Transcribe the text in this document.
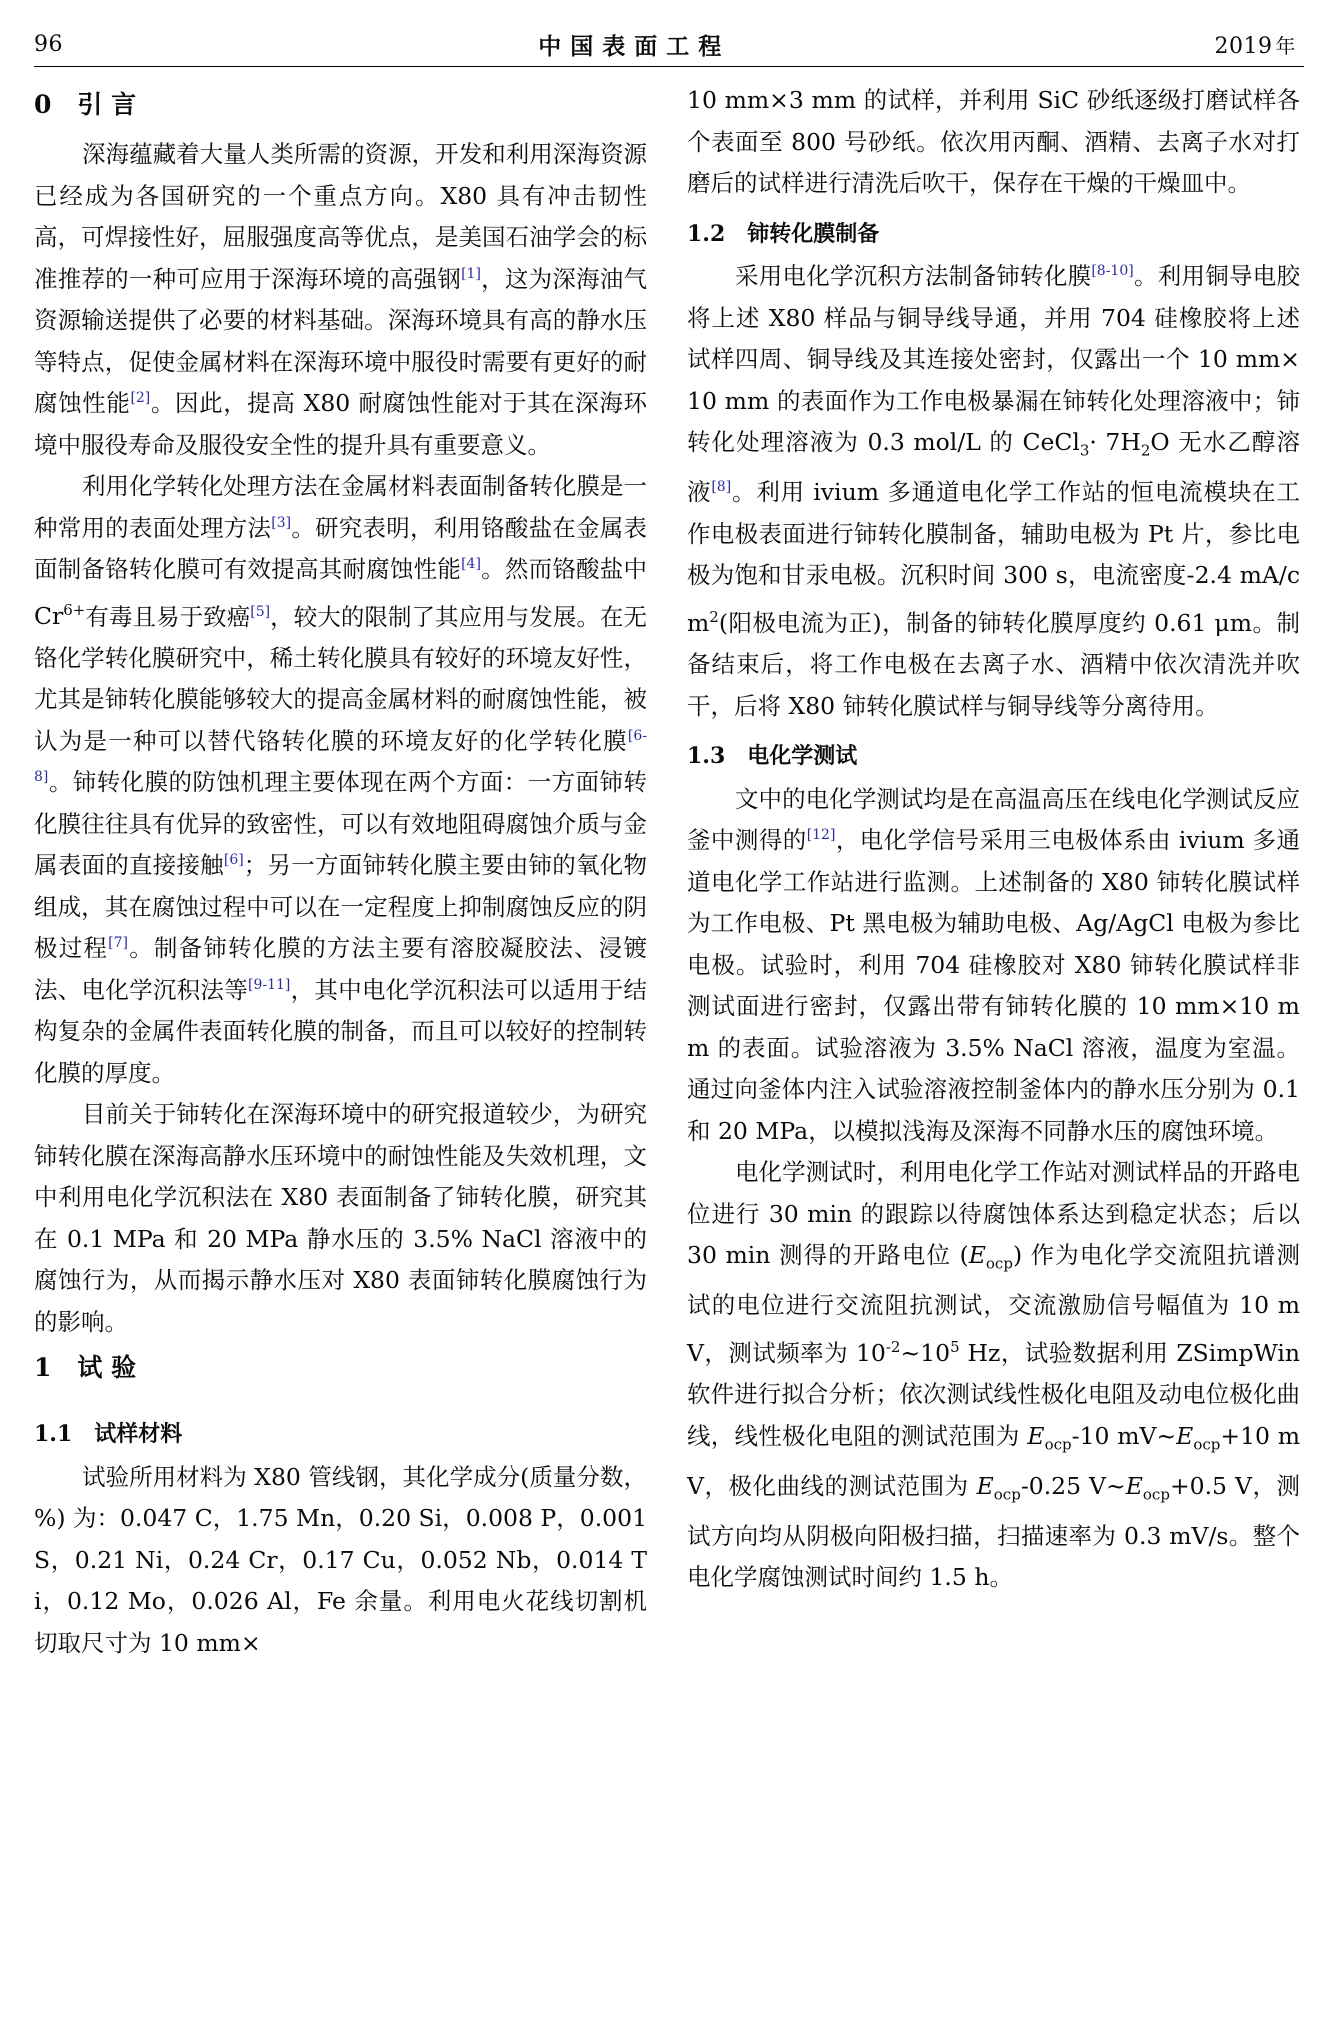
96	中国表面工程	2019 年
0 引 言

深海蕴藏着大量人类所需的资源，开发和利用深海资源已经成为各国研究的一个重点方向。X80 具有冲击韧性高，可焊接性好，屈服强度高等优点，是美国石油学会的标准推荐的一种可应用于深海环境的高强钢[1]，这为深海油气资源输送提供了必要的材料基础。深海环境具有高的静水压等特点，促使金属材料在深海环境中服役时需要有更好的耐腐蚀性能[2]。因此，提高 X80 耐腐蚀性能对于其在深海环境中服役寿命及服役安全性的提升具有重要意义。

利用化学转化处理方法在金属材料表面制备转化膜是一种常用的表面处理方法[3]。研究表明，利用铬酸盐在金属表面制备铬转化膜可有效提高其耐腐蚀性能[4]。然而铬酸盐中 $Cr^{6+}$有毒且易于致癌[5]，较大的限制了其应用与发展。在无铬化学转化膜研究中，稀土转化膜具有较好的环境友好性，尤其是铈转化膜能够较大的提高金属材料的耐腐蚀性能，被认为是一种可以替代铬转化膜的环境友好的化学转化膜[6-8]。铈转化膜的防蚀机理主要体现在两个方面：一方面铈转化膜往往具有优异的致密性，可以有效地阻碍腐蚀介质与金属表面的直接接触[6]；另一方面铈转化膜主要由铈的氧化物组成，其在腐蚀过程中可以在一定程度上抑制腐蚀反应的阴极过程[7]。制备铈转化膜的方法主要有溶胶凝胶法、浸镀法、电化学沉积法等[9-11]，其中电化学沉积法可以适用于结构复杂的金属件表面转化膜的制备，而且可以较好的控制转化膜的厚度。

目前关于铈转化在深海环境中的研究报道较少，为研究铈转化膜在深海高静水压环境中的耐蚀性能及失效机理，文中利用电化学沉积法在 X80 表面制备了铈转化膜，研究其在 0.1 MPa 和 20 MPa 静水压的 3.5% NaCl 溶液中的腐蚀行为，从而揭示静水压对 X80 表面铈转化膜腐蚀行为的影响。

1 试 验
1.1 试样材料

试验所用材料为 X80 管线钢，其化学成分(质量分数，%) 为：0.047 C，1.75 Mn，0.20 Si，0.008 P，0.001 S，0.21 Ni，0.24 Cr，0.17 Cu，0.052 Nb，0.014 Ti，0.12 Mo，0.026 Al，Fe 余量。利用电火花线切割机切取尺寸为 10 mm×

10 mm×3 mm 的试样，并利用 SiC 砂纸逐级打磨试样各个表面至 800 号砂纸。依次用丙酮、酒精、去离子水对打磨后的试样进行清洗后吹干，保存在干燥的干燥皿中。

1.2 铈转化膜制备

采用电化学沉积方法制备铈转化膜[8-10]。利用铜导电胶将上述 X80 样品与铜导线导通，并用 704 硅橡胶将上述试样四周、铜导线及其连接处密封，仅露出一个 10 mm×10 mm 的表面作为工作电极暴漏在铈转化处理溶液中；铈转化处理溶液为 0.3 mol/L 的 CeCl$_3$· $7H_2O$ 无水乙醇溶液[8]。利用 ivium 多通道电化学工作站的恒电流模块在工作电极表面进行铈转化膜制备，辅助电极为 Pt 片，参比电极为饱和甘汞电极。沉积时间 300 s，电流密度-2.4 $mA/cm^2$(阳极电流为正)，制备的铈转化膜厚度约 0.61 μm。制备结束后，将工作电极在去离子水、酒精中依次清洗并吹干，后将 X80 铈转化膜试样与铜导线等分离待用。

1.3 电化学测试

文中的电化学测试均是在高温高压在线电化学测试反应釜中测得的[12]，电化学信号采用三电极体系由 ivium 多通道电化学工作站进行监测。上述制备的 X80 铈转化膜试样为工作电极、Pt 黑电极为辅助电极、Ag/AgCl 电极为参比电极。试验时，利用 704 硅橡胶对 X80 铈转化膜试样非测试面进行密封，仅露出带有铈转化膜的 10 mm×10 mm 的表面。试验溶液为 3.5% NaCl 溶液，温度为室温。通过向釜体内注入试验溶液控制釜体内的静水压分别为 0.1 和 20 MPa，以模拟浅海及深海不同静水压的腐蚀环境。

电化学测试时，利用电化学工作站对测试样品的开路电位进行 30 min 的跟踪以待腐蚀体系达到稳定状态；后以 30 min 测得的开路电位 $(E_{ocp})$ 作为电化学交流阻抗谱测试的电位进行交流阻抗测试，交流激励信号幅值为 10 mV，测试频率为 $10^{-2}\sim 10^5$ Hz，试验数据利用 ZSimpWin 软件进行拟合分析；依次测试线性极化电阻及动电位极化曲线，线性极化电阻的测试范围为 $E_{ocp}-10$ $mV\sim E_{ocp}+10$ mV，极化曲线的测试范围为 $E_{ocp}-0.25$ $V\sim E_{ocp}+0.5$ V，测试方向均从阴极向阳极扫描，扫描速率为 0.3 mV/s。整个电化学腐蚀测试时间约 1.5 h。
